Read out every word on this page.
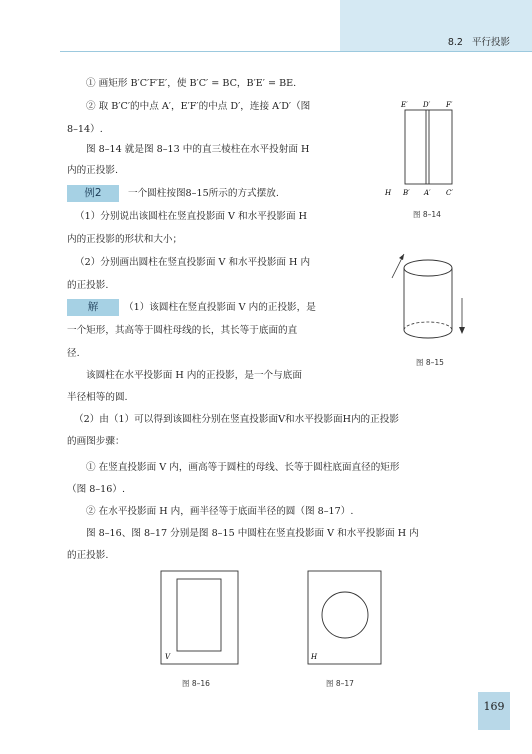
8.2 平行投影
① 画矩形 B′C′F′E′，使 B′C′ = BC，B′E′ = BE.
② 取 B′C′的中点 A′，E′F′的中点 D′，连接 A′D′（图
8–14）.
图 8–14 就是图 8–13 中的直三棱柱在水平投射面 H
内的正投影.
例2	一个圆柱按图8–15所示的方式摆放.
（1）分别说出该圆柱在竖直投影面 V 和水平投影面 H
内的正投影的形状和大小；
（2）分别画出圆柱在竖直投影面 V 和水平投影面 H 内
的正投影.
解	（1）该圆柱在竖直投影面 V 内的正投影，是
一个矩形，其高等于圆柱母线的长，其长等于底面的直
径.
该圆柱在水平投影面 H 内的正投影，是一个与底面
半径相等的圆.
（2）由（1）可以得到该圆柱分别在竖直投影面V和水平投影面H内的正投影
的画图步骤：
① 在竖直投影面 V 内，画高等于圆柱的母线、长等于圆柱底面直径的矩形
（图 8–16）.
② 在水平投影面 H 内，画半径等于底面半径的圆（图 8–17）.
图 8–16、图 8–17 分别是图 8–15 中圆柱在竖直投影面 V 和水平投影面 H 内
的正投影.
E′ D′ F′
H B′ A′ C′
图 8–14
图 8–15
V
图 8–16
H
图 8–17
169
